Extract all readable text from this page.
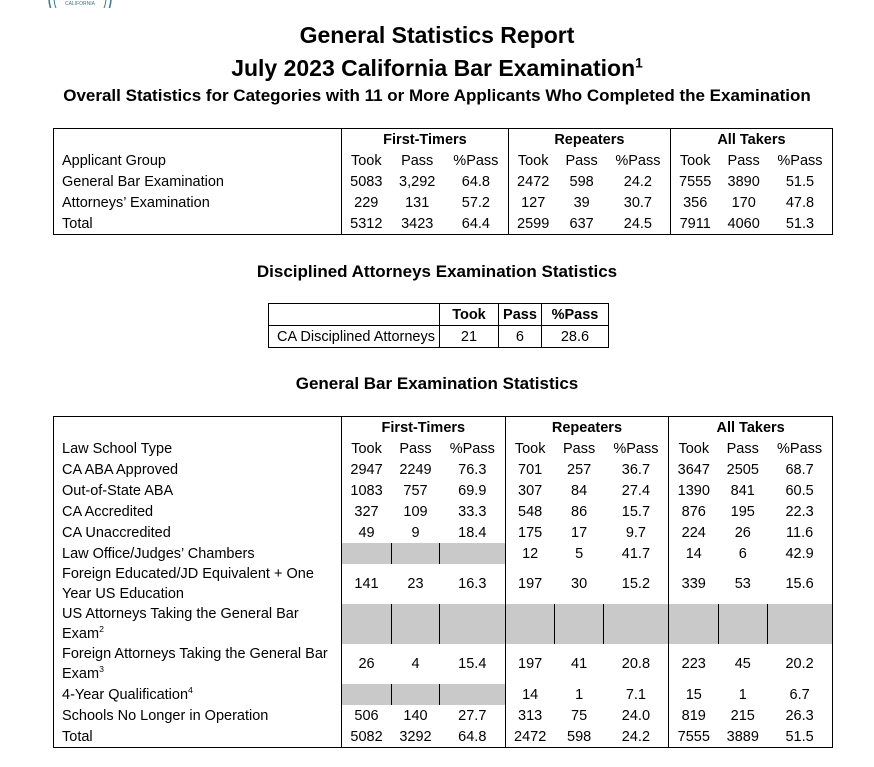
CALIFORNIA
General Statistics Report
July 2023 California Bar Examination$^1$
Overall Statistics for Categories with 11 or More Applicants Who Completed the Examination
	First-Timers			Repeaters			All Takers		
Applicant Group	Took	Pass	%Pass	Took	Pass	%Pass	Took	Pass	%Pass
General Bar Examination	5083	3,292	64.8	2472	598	24.2	7555	3890	51.5
Attorneys’ Examination	229	131	57.2	127	39	30.7	356	170	47.8
Total	5312	3423	64.4	2599	637	24.5	7911	4060	51.3
Disciplined Attorneys Examination Statistics
	Took	Pass	%Pass
CA Disciplined Attorneys	21	6	28.6
General Bar Examination Statistics
	First-Timers			Repeaters			All Takers		
Law School Type	Took	Pass	%Pass	Took	Pass	%Pass	Took	Pass	%Pass
CA ABA Approved	2947	2249	76.3	701	257	36.7	3647	2505	68.7
Out-of-State ABA	1083	757	69.9	307	84	27.4	1390	841	60.5
CA Accredited	327	109	33.3	548	86	15.7	876	195	22.3
CA Unaccredited	49	9	18.4	175	17	9.7	224	26	11.6
Law Office/Judges’ Chambers				12	5	41.7	14	6	42.9
Foreign Educated/JD Equivalent + One Year US Education	141	23	16.3	197	30	15.2	339	53	15.6
US Attorneys Taking the General Bar Exam$^2$									
Foreign Attorneys Taking the General Bar Exam$^3$	26	4	15.4	197	41	20.8	223	45	20.2
4-Year Qualification$^4$				14	1	7.1	15	1	6.7
Schools No Longer in Operation	506	140	27.7	313	75	24.0	819	215	26.3
Total	5082	3292	64.8	2472	598	24.2	7555	3889	51.5
